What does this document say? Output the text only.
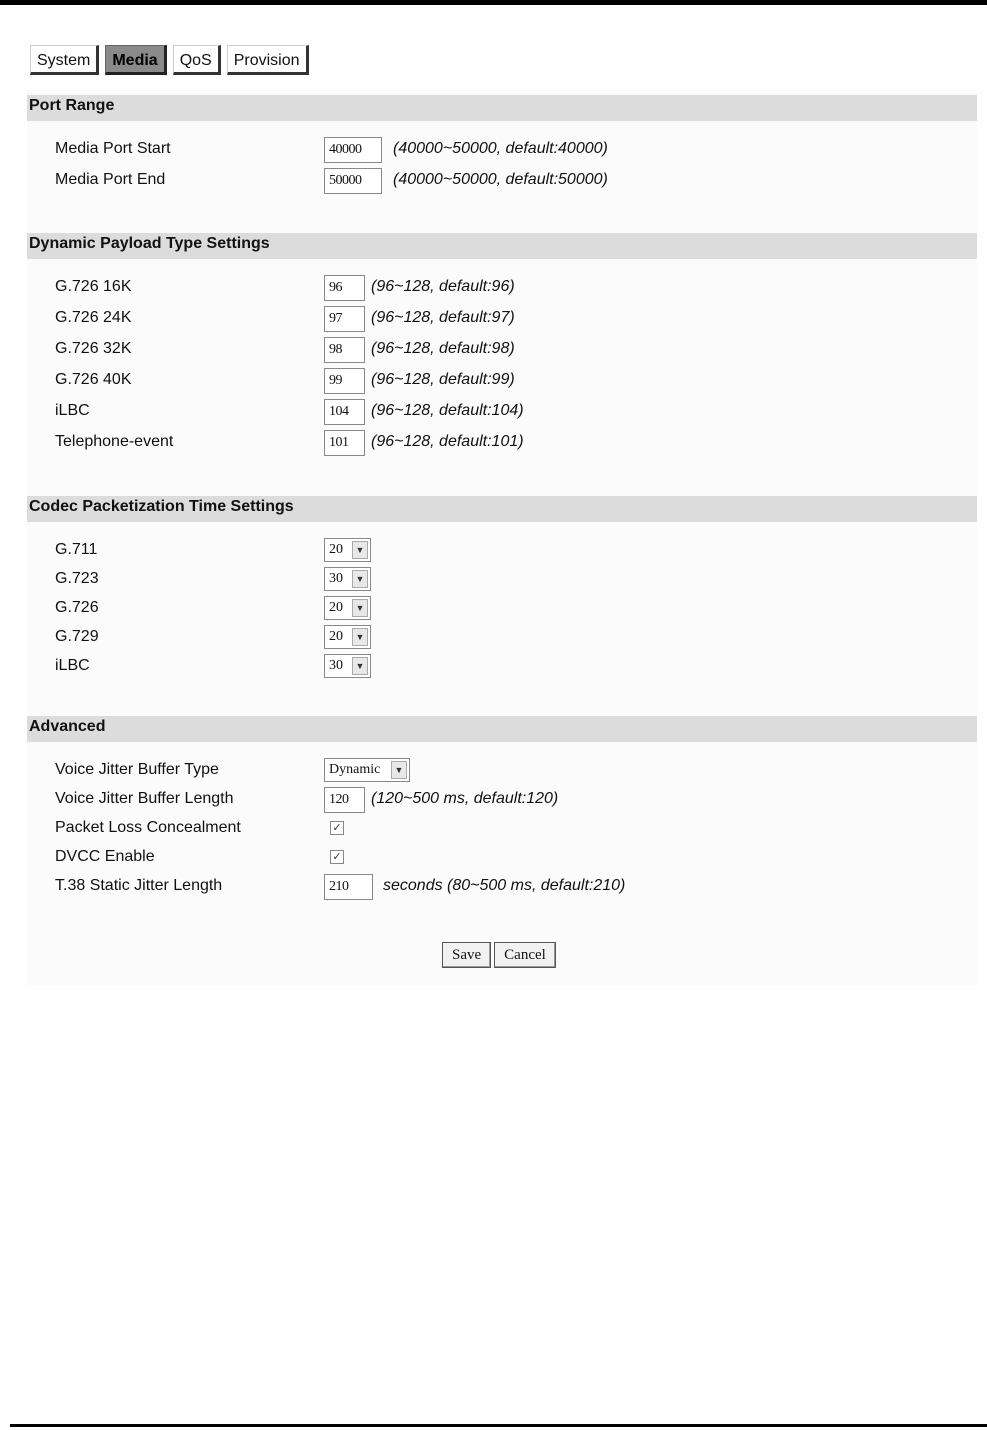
System	Media	QoS	Provision
Port Range
Media Port Start	40000	(40000~50000, default:40000)
Media Port End	50000	(40000~50000, default:50000)
Dynamic Payload Type Settings
G.726 16K	96	(96~128, default:96)
G.726 24K	97	(96~128, default:97)
G.726 32K	98	(96~128, default:98)
G.726 40K	99	(96~128, default:99)
iLBC	104	(96~128, default:104)
Telephone-event	101	(96~128, default:101)
Codec Packetization Time Settings
G.711	20	▼
G.723	30	▼
G.726	20	▼
G.729	20	▼
iLBC	30	▼
Advanced
Voice Jitter Buffer Type	Dynamic	▼
Voice Jitter Buffer Length	120	(120~500 ms, default:120)
Packet Loss Concealment	✓
DVCC Enable	✓
T.38 Static Jitter Length	210	seconds (80~500 ms, default:210)
Save	Cancel
